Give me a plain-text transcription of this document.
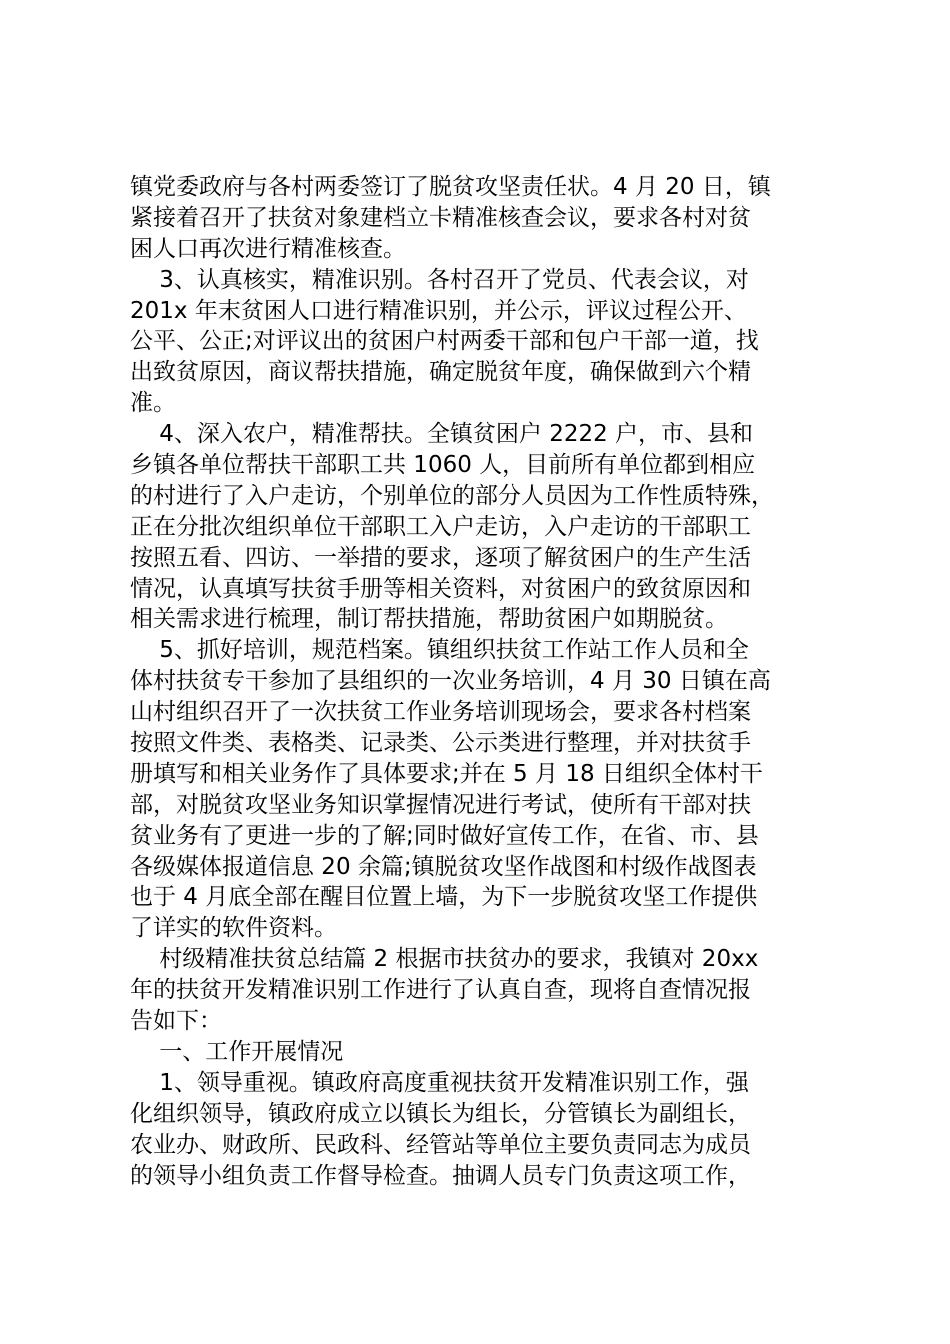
镇党委政府与各村两委签订了脱贫攻坚责任状。4 月 20 日，镇
紧接着召开了扶贫对象建档立卡精准核查会议，要求各村对贫
困人口再次进行精准核查。
3、认真核实，精准识别。各村召开了党员、代表会议，对
201x 年末贫困人口进行精准识别，并公示，评议过程公开、
公平、公正;对评议出的贫困户村两委干部和包户干部一道，找
出致贫原因，商议帮扶措施，确定脱贫年度，确保做到六个精
准。
4、深入农户，精准帮扶。全镇贫困户 2222 户，市、县和
乡镇各单位帮扶干部职工共 1060 人，目前所有单位都到相应
的村进行了入户走访，个别单位的部分人员因为工作性质特殊，
正在分批次组织单位干部职工入户走访，入户走访的干部职工
按照五看、四访、一举措的要求，逐项了解贫困户的生产生活
情况，认真填写扶贫手册等相关资料，对贫困户的致贫原因和
相关需求进行梳理，制订帮扶措施，帮助贫困户如期脱贫。
5、抓好培训，规范档案。镇组织扶贫工作站工作人员和全
体村扶贫专干参加了县组织的一次业务培训，4 月 30 日镇在高
山村组织召开了一次扶贫工作业务培训现场会，要求各村档案
按照文件类、表格类、记录类、公示类进行整理，并对扶贫手
册填写和相关业务作了具体要求;并在 5 月 18 日组织全体村干
部，对脱贫攻坚业务知识掌握情况进行考试，使所有干部对扶
贫业务有了更进一步的了解;同时做好宣传工作，在省、市、县
各级媒体报道信息 20 余篇;镇脱贫攻坚作战图和村级作战图表
也于 4 月底全部在醒目位置上墙，为下一步脱贫攻坚工作提供
了详实的软件资料。
村级精准扶贫总结篇 2 根据市扶贫办的要求，我镇对 20xx
年的扶贫开发精准识别工作进行了认真自查，现将自查情况报
告如下：
一、工作开展情况
1、领导重视。镇政府高度重视扶贫开发精准识别工作，强
化组织领导，镇政府成立以镇长为组长，分管镇长为副组长，
农业办、财政所、民政科、经管站等单位主要负责同志为成员
的领导小组负责工作督导检查。抽调人员专门负责这项工作，
